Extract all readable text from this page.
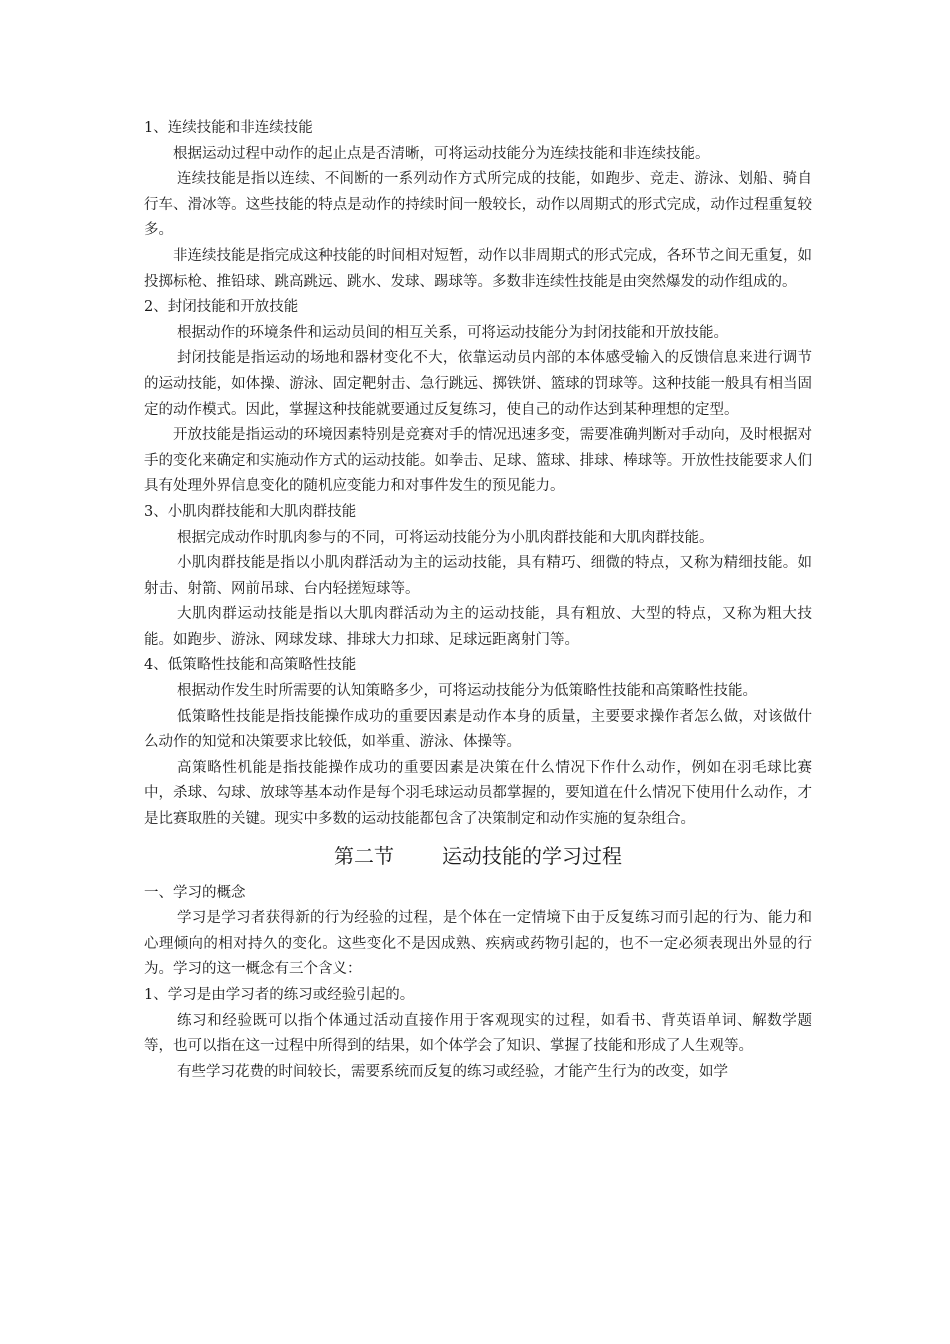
1、连续技能和非连续技能

根据运动过程中动作的起止点是否清晰，可将运动技能分为连续技能和非连续技能。

连续技能是指以连续、不间断的一系列动作方式所完成的技能，如跑步、竞走、游泳、划船、骑自行车、滑冰等。这些技能的特点是动作的持续时间一般较长，动作以周期式的形式完成，动作过程重复较多。

非连续技能是指完成这种技能的时间相对短暂，动作以非周期式的形式完成，各环节之间无重复，如投掷标枪、推铅球、跳高跳远、跳水、发球、踢球等。多数非连续性技能是由突然爆发的动作组成的。

2、封闭技能和开放技能

根据动作的环境条件和运动员间的相互关系，可将运动技能分为封闭技能和开放技能。

封闭技能是指运动的场地和器材变化不大，依靠运动员内部的本体感受输入的反馈信息来进行调节的运动技能，如体操、游泳、固定靶射击、急行跳远、掷铁饼、篮球的罚球等。这种技能一般具有相当固定的动作模式。因此，掌握这种技能就要通过反复练习，使自己的动作达到某种理想的定型。

开放技能是指运动的环境因素特别是竞赛对手的情况迅速多变，需要准确判断对手动向，及时根据对手的变化来确定和实施动作方式的运动技能。如拳击、足球、篮球、排球、棒球等。开放性技能要求人们具有处理外界信息变化的随机应变能力和对事件发生的预见能力。

3、小肌肉群技能和大肌肉群技能

根据完成动作时肌肉参与的不同，可将运动技能分为小肌肉群技能和大肌肉群技能。

小肌肉群技能是指以小肌肉群活动为主的运动技能，具有精巧、细微的特点，又称为精细技能。如射击、射箭、网前吊球、台内轻搓短球等。

大肌肉群运动技能是指以大肌肉群活动为主的运动技能，具有粗放、大型的特点，又称为粗大技能。如跑步、游泳、网球发球、排球大力扣球、足球远距离射门等。

4、低策略性技能和高策略性技能

根据动作发生时所需要的认知策略多少，可将运动技能分为低策略性技能和高策略性技能。

低策略性技能是指技能操作成功的重要因素是动作本身的质量，主要要求操作者怎么做，对该做什么动作的知觉和决策要求比较低，如举重、游泳、体操等。

高策略性机能是指技能操作成功的重要因素是决策在什么情况下作什么动作，例如在羽毛球比赛中，杀球、勾球、放球等基本动作是每个羽毛球运动员都掌握的，要知道在什么情况下使用什么动作，才是比赛取胜的关键。现实中多数的运动技能都包含了决策制定和动作实施的复杂组合。

第二节 运动技能的学习过程

一、学习的概念

学习是学习者获得新的行为经验的过程，是个体在一定情境下由于反复练习而引起的行为、能力和心理倾向的相对持久的变化。这些变化不是因成熟、疾病或药物引起的，也不一定必须表现出外显的行为。学习的这一概念有三个含义：

1、学习是由学习者的练习或经验引起的。

练习和经验既可以指个体通过活动直接作用于客观现实的过程，如看书、背英语单词、解数学题等，也可以指在这一过程中所得到的结果，如个体学会了知识、掌握了技能和形成了人生观等。

有些学习花费的时间较长，需要系统而反复的练习或经验，才能产生行为的改变，如学
